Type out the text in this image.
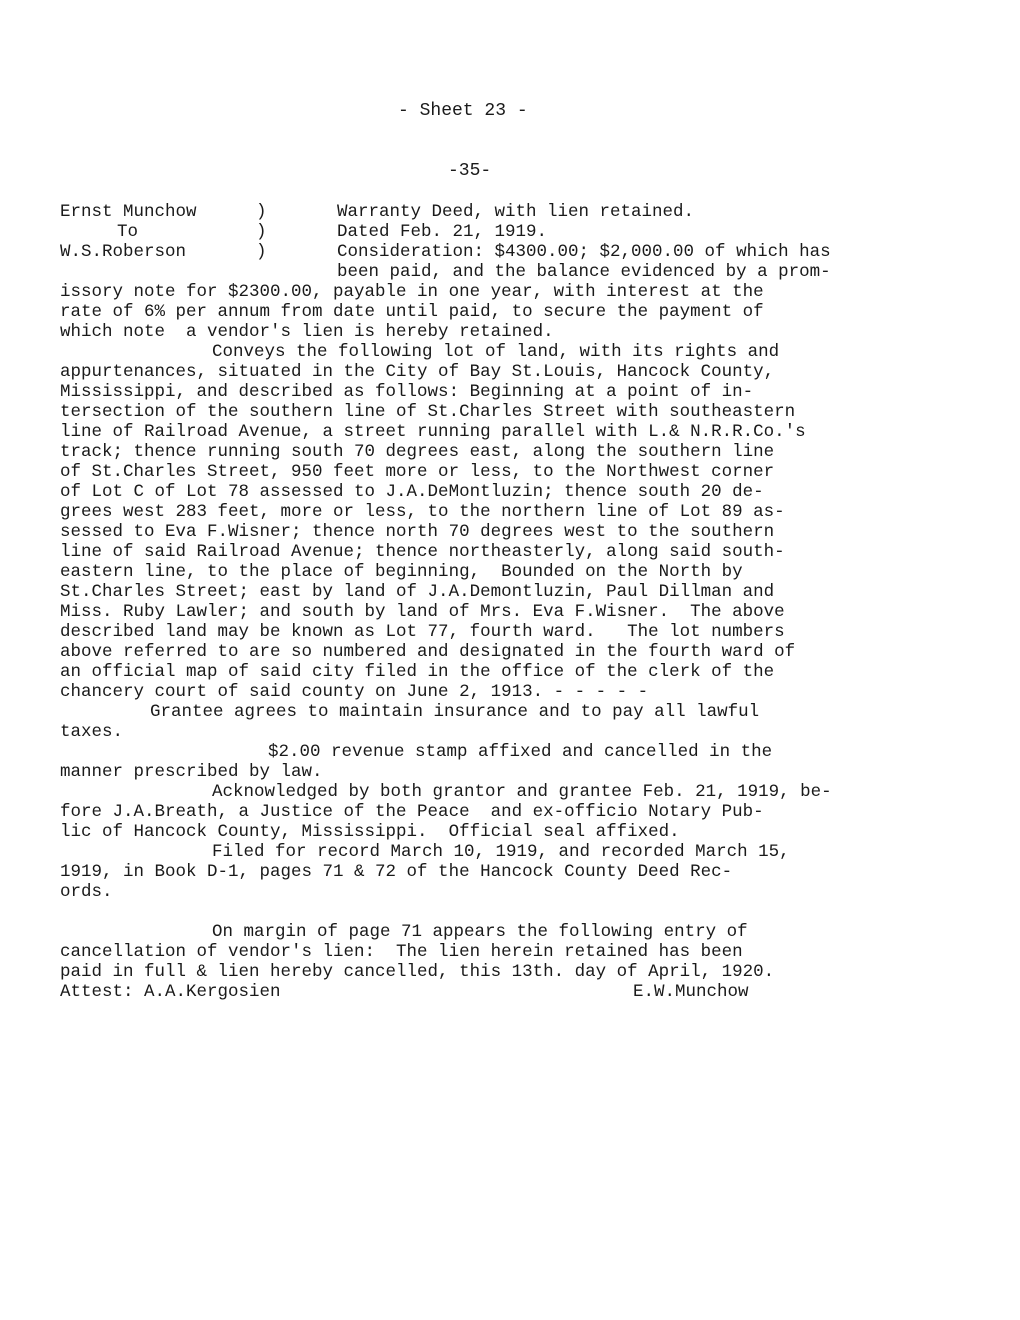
- Sheet 23 -
-35-
Ernst Munchow
To
W.S.Roberson
)
)
)
Warranty Deed, with lien retained.
Dated Feb. 21, 1919.
Consideration: $4300.00; $2,000.00 of which has
been paid, and the balance evidenced by a prom-
issory note for $2300.00, payable in one year, with interest at the
rate of 6% per annum from date until paid, to secure the payment of
which note  a vendor's lien is hereby retained.
Conveys the following lot of land, with its rights and
appurtenances, situated in the City of Bay St.Louis, Hancock County,
Mississippi, and described as follows: Beginning at a point of in-
tersection of the southern line of St.Charles Street with southeastern
line of Railroad Avenue, a street running parallel with L.& N.R.R.Co.'s
track; thence running south 70 degrees east, along the southern line
of St.Charles Street, 950 feet more or less, to the Northwest corner
of Lot C of Lot 78 assessed to J.A.DeMontluzin; thence south 20 de-
grees west 283 feet, more or less, to the northern line of Lot 89 as-
sessed to Eva F.Wisner; thence north 70 degrees west to the southern
line of said Railroad Avenue; thence northeasterly, along said south-
eastern line, to the place of beginning,  Bounded on the North by
St.Charles Street; east by land of J.A.Demontluzin, Paul Dillman and
Miss. Ruby Lawler; and south by land of Mrs. Eva F.Wisner.  The above
described land may be known as Lot 77, fourth ward.   The lot numbers
above referred to are so numbered and designated in the fourth ward of
an official map of said city filed in the office of the clerk of the
chancery court of said county on June 2, 1913. - - - - -
Grantee agrees to maintain insurance and to pay all lawful
taxes.
$2.00 revenue stamp affixed and cancelled in the
manner prescribed by law.
Acknowledged by both grantor and grantee Feb. 21, 1919, be-
fore J.A.Breath, a Justice of the Peace  and ex-officio Notary Pub-
lic of Hancock County, Mississippi.  Official seal affixed.
Filed for record March 10, 1919, and recorded March 15,
1919, in Book D-1, pages 71 & 72 of the Hancock County Deed Rec-
ords.
On margin of page 71 appears the following entry of
cancellation of vendor's lien:  The lien herein retained has been
paid in full & lien hereby cancelled, this 13th. day of April, 1920.
Attest: A.A.Kergosien	E.W.Munchow
